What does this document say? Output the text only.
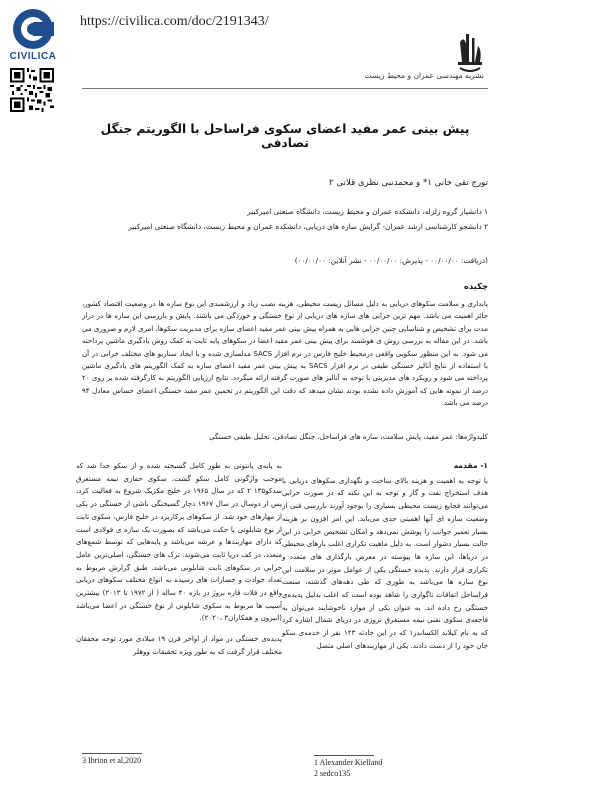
CIVILICA
https://civilica.com/doc/2191343/
نشریه مهندسی عمران و محیط زیست
پیش بینی عمر مفید اعضای سکوی فراساحل با الگوریتم جنگل تصادفی
تورج تقی خانی ۱* و محمدنبی نظری قلاتی ۲
۱ دانشیار گروه زلزله، دانشکده عمران و محیط زیست، دانشگاه صنعتی امیرکبیر
۲ دانشجو کارشناسی ارشد عمران- گرایش سازه های دریایی، دانشکده عمران و محیط زیست، دانشگاه صنعتی امیرکبیر
(دریافت: ۰۰/۰۰/۰۰ - پذیرش: ۰۰/۰۰/۰۰ - نشر آنلاین: ۰۰/۰۰/۰۰)
چکیده
پایداری و سلامت سکوهای دریایی به دلیل مسائل زیست محیطی، هزینه نصب زیاد و ارزشمندی این نوع سازه ها در وضعیت اقتصاد کشور، حائز اهمیت می باشد. مهم ترین خرابی های سازه های دریایی از نوع خستگی و خوردگی می باشند. پایش و بازرسی این سازه ها در دراز مدت برای تشخیص و شناسایی چنین خرابی هایی به همراه پیش بینی عمر مفید اعضای سازه برای مدیریت سکوها، امری لازم و ضروری می باشد. در این مقاله به بررسی روش ی هوشمند برای پیش بینی عمر مفید اعضا در سکوهای پایه ثابت به کمک روش یادگیری ماشین پرداخته می شود. به این منظور سکویی واقعی درمحیط خلیج فارس در نرم افزار SACS مدلسازی شده و با ایجاد سناریو های مختلف خرابی در آن با استفاده از نتایج آنالیز خستگی طیفی در نرم افزار SACS به پیش بینی عمر مفید اعضای سازه به کمک الگوریتم های یادگیری ماشین پرداخته می شود و رویکرد های مدیریتی با توجه به آنالیز های صورت گرفته ارائه میگردد. نتایج ارزیابی الگوریتم به کارگرفته شده بر روی ۲۰ درصد از نمونه هایی که آموزش داده نشده بودند نشان میدهد که دقت این الگوریتم در تخمین عمر مفید خستگی اعضای حساس معادل ۹۴ درصد می باشد.
کلیدواژه‌ها: عمر مفید، پایش سلامت، سازه های فراساحل، جنگل تصادفی، تحلیل طیفی خستگی
۱- مقدمه

با توجه به اهمیت و هزینه بالای ساخت و نگهداری سکوهای دریایی با هدف استخراج نفت و گاز و توجه به این نکته که در صورت خرابی می‌توانند فجایع زیست محیطی بسیاری را بوجود آورند بازرسی فنی از وضعیت سازه ای آنها اهمیتی جدی می‌یابد. این امر افزون بر هزینه بسیار تعمیر جوانب را پوشش نمی‌دهد و امکان تشخیص خرابی در این حالت بسیار دشوار است. به دلیل ماهیت تکراری اغلب بارهای محیطی در دریاها، این سازه ها پیوسته در معرض بارگذاری های متعدد و تکراری قرار دارند. پدیده خستگی یکی از عوامل موثر در سلامت این نوع سازه ها می‌باشد به طوری که طی دهه‌های گذشته، صنعت فراساحل اتفاقات ناگواری را شاهد بوده است که اغلب بدلیل پدیده‌ی خستگی رخ داده اند. به عنوان یکی از موارد ناخوشایند می‌توان به فاجعه‌ی سکوی نفتی نیمه مستغرق نروژی در دریای شمال اشاره کرد که به نام کیلاند الکساندر۱ که در این حادثه ۱۲۳ نفر از خدمه‌ی سکو جان خود را از دست دادند. یکی از مهاربندهای اصلی متصل

به پایه‌ی پانتونی به طور کامل گسیخته شده و از سکو جدا شد که موجب واژگونی کامل سکو گشت. سکوی حفاری نیمه مستغرق سدکو۱۳۵ ۲ که در سال ۱۹۶۵ در خلیج مکزیک شروع به فعالیت کرد، پس از دوسال در سال ۱۹۶۷ دچار گسیختگی ناشی از خستگی در یکی از مهارهای خود شد. از سکوهای پرکاربرد در خلیج فارس، سکوی ثابت از نوع شابلونی یا جکت می‌باشد که بصورت یک سازه ی فولادی است که دارای مهاربندها و عرشه می‌باشد و پایه‌هایی که توسط شمع‌های متعدد، در کف دریا ثابت می‌شوند. ترک های خستگی، اصلی‌ترین عامل خرابی در سکوهای ثابت شابلونی می‌باشد. طبق گزارش مربوط به تعداد حوادث و خسارات های رسیده به انواع مختلف سکوهای دریایی واقع در فلات قاره نروژ در بازه ۴۰ ساله ( از ۱۹۷۲ تا ۲۰۱۳) بیشترین آسیب ها مربوط به سکوی شابلونی از نوع خستگی در اعضا می‌باشد (ایبرون و همکاران۳ ،۲۰۲۰).

پدیده‌ی خستگی در مواد از اواخر قرن ۱۹ میلادی مورد توجه محققان مختلف قرار گرفت که به طور ویژه تحقیقات ووهلر

1 Alexander Kielland
2 sedco135
3 Ibrion et al,2020
